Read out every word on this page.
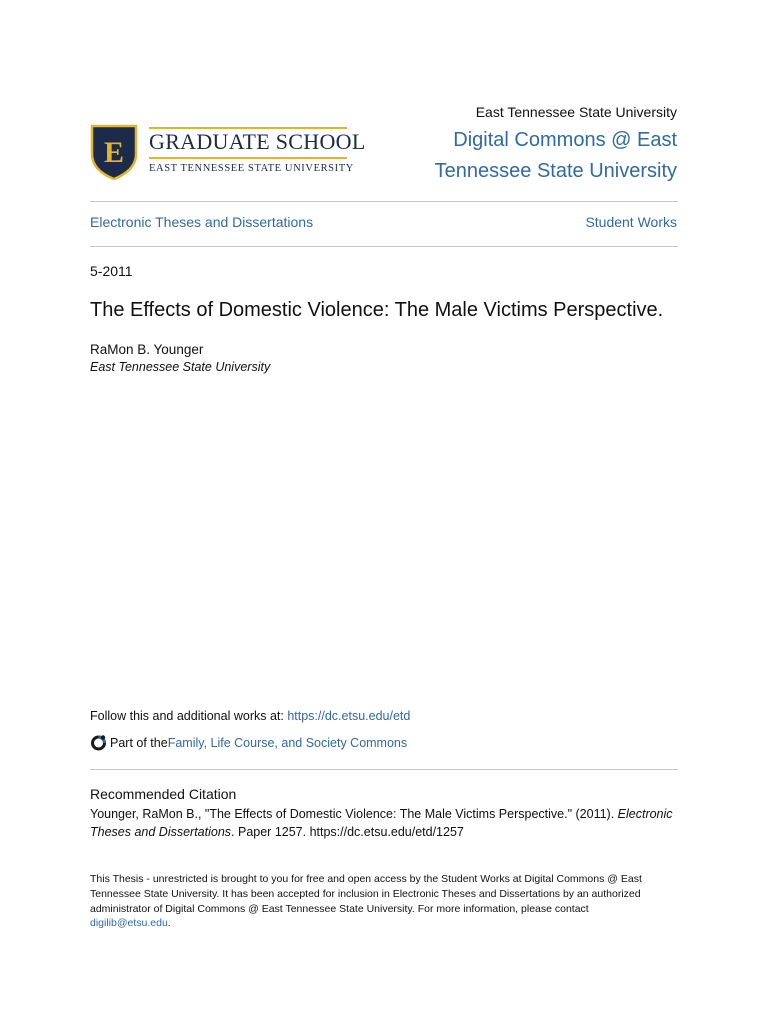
E GRADUATE SCHOOL
EAST TENNESSEE STATE UNIVERSITY
East Tennessee State University
Digital Commons @ East Tennessee State University
Electronic Theses and Dissertations	Student Works
5-2011
The Effects of Domestic Violence: The Male Victims Perspective.
RaMon B. Younger
East Tennessee State University
Follow this and additional works at: https://dc.etsu.edu/etd
Part of the Family, Life Course, and Society Commons
Recommended Citation
Younger, RaMon B., "The Effects of Domestic Violence: The Male Victims Perspective." (2011). Electronic Theses and Dissertations. Paper 1257. https://dc.etsu.edu/etd/1257
This Thesis - unrestricted is brought to you for free and open access by the Student Works at Digital Commons @ East Tennessee State University. It has been accepted for inclusion in Electronic Theses and Dissertations by an authorized administrator of Digital Commons @ East Tennessee State University. For more information, please contact digilib@etsu.edu.
